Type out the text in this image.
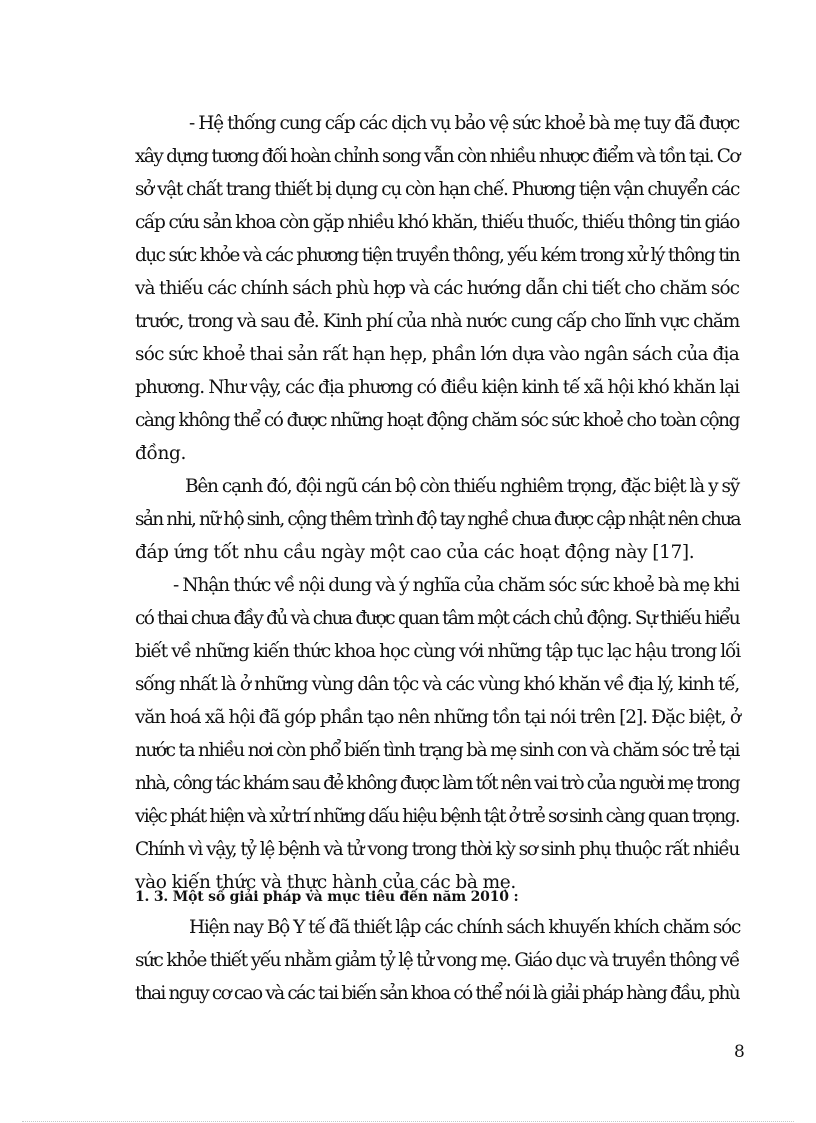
- Hệ thống cung cấp các dịch vụ bảo vệ sức khoẻ bà mẹ tuy đã được
xây dựng tương đối hoàn chỉnh song vẫn còn nhiều nhược điểm và tồn tại. Cơ
sở vật chất trang thiết bị dụng cụ còn hạn chế. Phương tiện vận chuyển các
cấp cứu sản khoa còn gặp nhiều khó khăn, thiếu thuốc, thiếu thông tin giáo
dục sức khỏe và các phương tiện truyền thông, yếu kém trong xử lý thông tin
và thiếu các chính sách phù hợp và các hướng dẫn chi tiết cho chăm sóc
trước, trong và sau đẻ. Kinh phí của nhà nước cung cấp cho lĩnh vực chăm
sóc sức khoẻ thai sản rất hạn hẹp, phần lớn dựa vào ngân sách của địa
phương. Như vậy, các địa phương có điều kiện kinh tế xã hội khó khăn lại
càng không thể có được những hoạt động chăm sóc sức khoẻ cho toàn cộng
đồng.
Bên cạnh đó, đội ngũ cán bộ còn thiếu nghiêm trọng, đặc biệt là y sỹ
sản nhi, nữ hộ sinh, cộng thêm trình độ tay nghề chưa được cập nhật nên chưa
đáp ứng tốt nhu cầu ngày một cao của các hoạt động này [17].
- Nhận thức về nội dung và ý nghĩa của chăm sóc sức khoẻ bà mẹ khi
có thai chưa đầy đủ và chưa được quan tâm một cách chủ động. Sự thiếu hiểu
biết về những kiến thức khoa học cùng với những tập tục lạc hậu trong lối
sống nhất là ở những vùng dân tộc và các vùng khó khăn về địa lý, kinh tế,
văn hoá xã hội đã góp phần tạo nên những tồn tại nói trên [2]. Đặc biệt, ở
nước ta nhiều nơi còn phổ biến tình trạng bà mẹ sinh con và chăm sóc trẻ tại
nhà, công tác khám sau đẻ không được làm tốt nên vai trò của người mẹ trong
việc phát hiện và xử trí những dấu hiệu bệnh tật ở trẻ sơ sinh càng quan trọng.
Chính vì vậy, tỷ lệ bệnh và tử vong trong thời kỳ sơ sinh phụ thuộc rất nhiều
vào kiến thức và thực hành của các bà mẹ.
1. 3. Một số giải pháp và mục tiêu đến năm 2010 :
Hiện nay Bộ Y tế đã thiết lập các chính sách khuyến khích chăm sóc
sức khỏe thiết yếu nhằm giảm tỷ lệ tử vong mẹ. Giáo dục và truyền thông về
thai nguy cơ cao và các tai biến sản khoa có thể nói là giải pháp hàng đầu, phù
8
